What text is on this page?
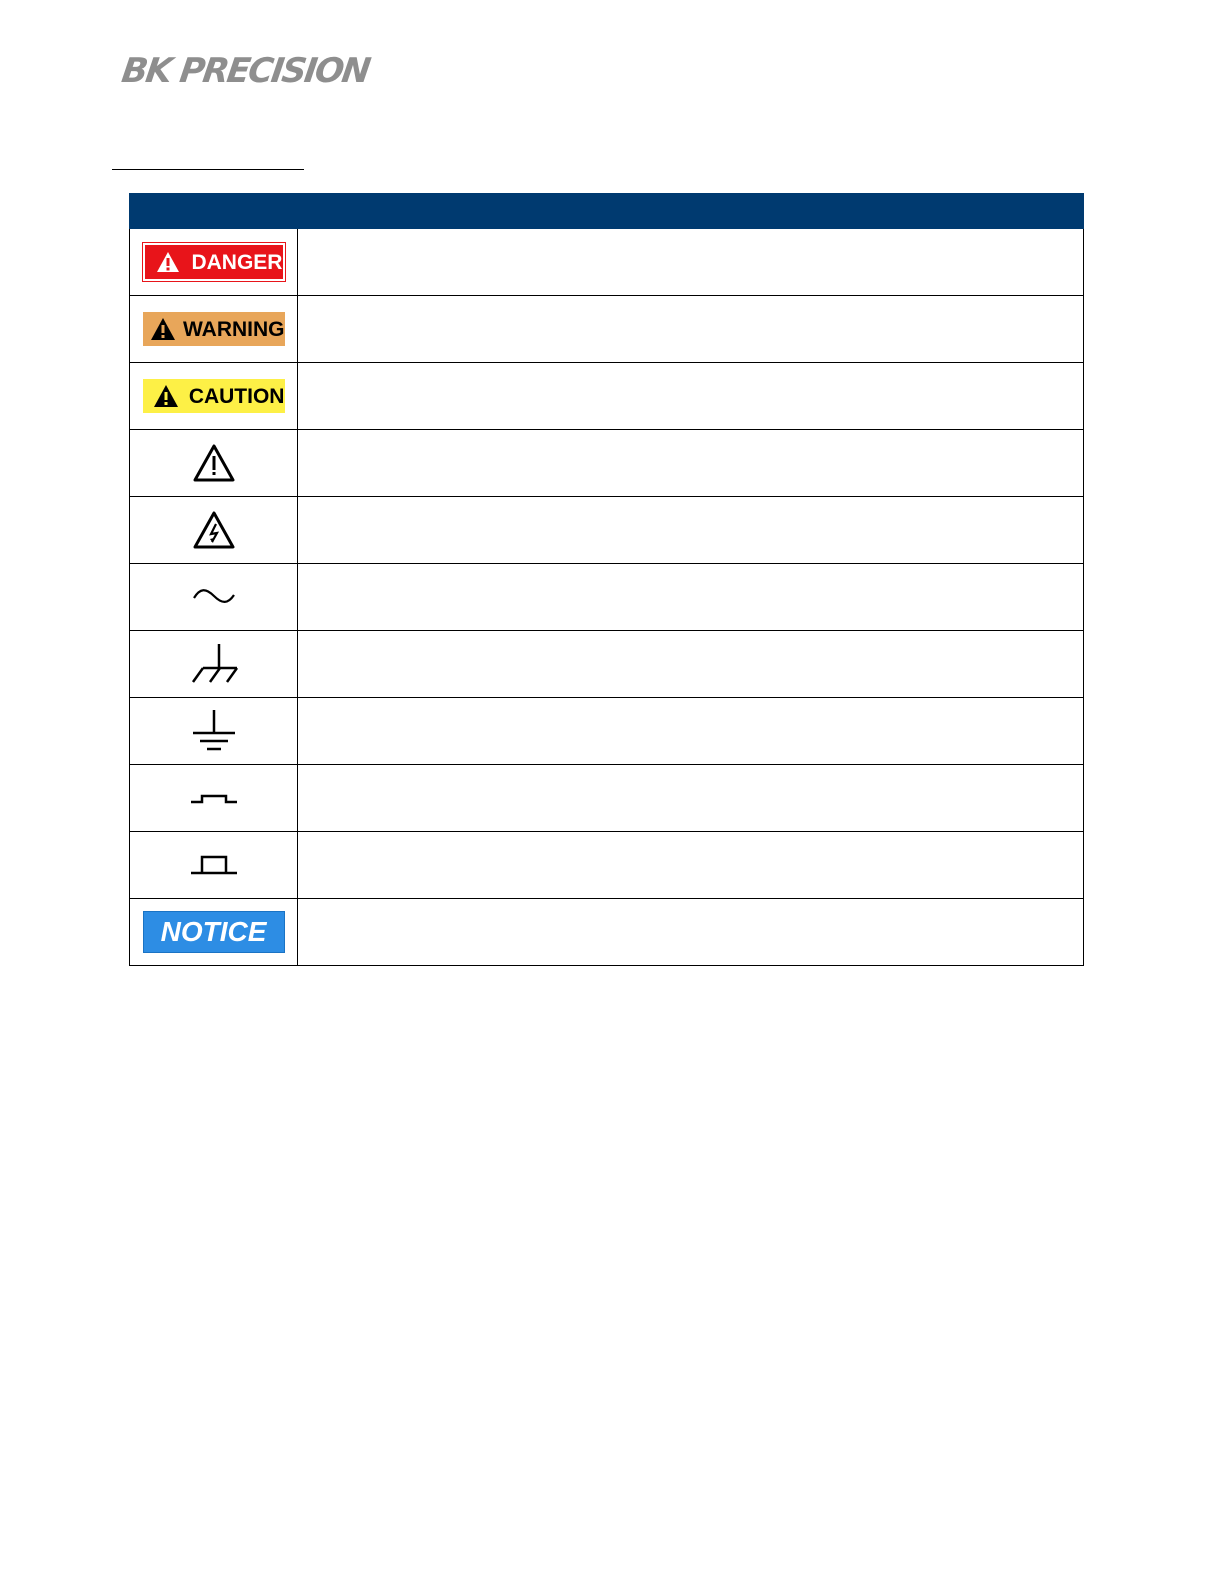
BK PRECISION

DANGER	

WARNING	

CAUTION	

NOTICE	
